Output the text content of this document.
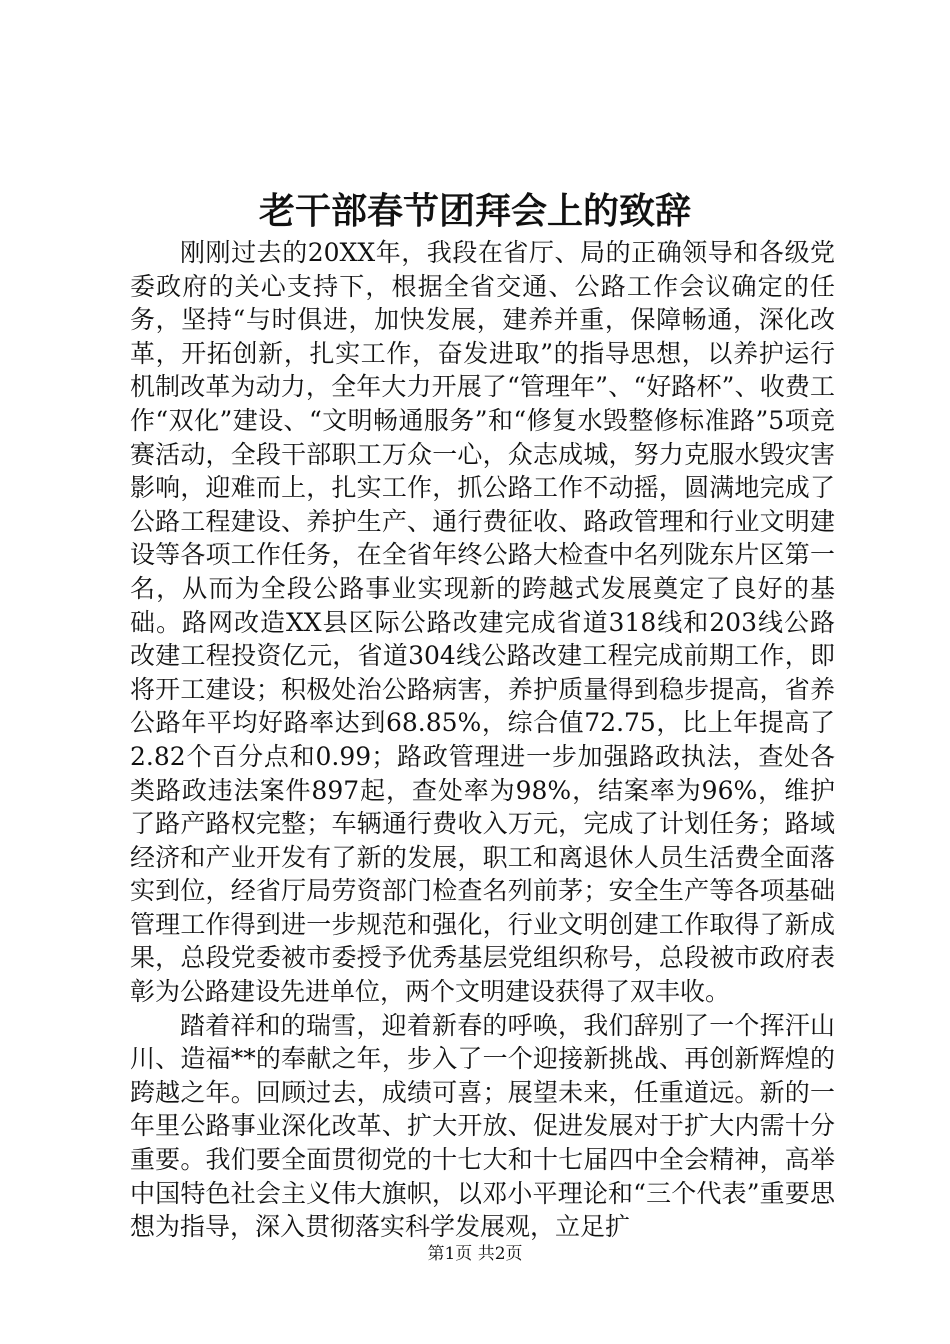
老干部春节团拜会上的致辞

刚刚过去的20XX年，我段在省厅、局的正确领导和各级党委政府的关心支持下，根据全省交通、公路工作会议确定的任务，坚持“与时俱进，加快发展，建养并重，保障畅通，深化改革，开拓创新，扎实工作，奋发进取”的指导思想，以养护运行机制改革为动力，全年大力开展了“管理年”、“好路杯”、收费工作“双化”建设、“文明畅通服务”和“修复水毁整修标准路”5项竞赛活动，全段干部职工万众一心，众志成城，努力克服水毁灾害影响，迎难而上，扎实工作，抓公路工作不动摇，圆满地完成了公路工程建设、养护生产、通行费征收、路政管理和行业文明建设等各项工作任务，在全省年终公路大检查中名列陇东片区第一名，从而为全段公路事业实现新的跨越式发展奠定了良好的基础。路网改造XX县区际公路改建完成省道318线和203线公路改建工程投资亿元，省道304线公路改建工程完成前期工作，即将开工建设；积极处治公路病害，养护质量得到稳步提高，省养公路年平均好路率达到68.85%，综合值72.75，比上年提高了2.82个百分点和0.99；路政管理进一步加强路政执法，查处各类路政违法案件897起，查处率为98%，结案率为96%，维护了路产路权完整；车辆通行费收入万元，完成了计划任务；路域经济和产业开发有了新的发展，职工和离退休人员生活费全面落实到位，经省厅局劳资部门检查名列前茅；安全生产等各项基础管理工作得到进一步规范和强化，行业文明创建工作取得了新成果，总段党委被市委授予优秀基层党组织称号，总段被市政府表彰为公路建设先进单位，两个文明建设获得了双丰收。

踏着祥和的瑞雪，迎着新春的呼唤，我们辞别了一个挥汗山川、造福**的奉献之年，步入了一个迎接新挑战、再创新辉煌的跨越之年。回顾过去，成绩可喜；展望未来，任重道远。新的一年里公路事业深化改革、扩大开放、促进发展对于扩大内需十分重要。我们要全面贯彻党的十七大和十七届四中全会精神，高举中国特色社会主义伟大旗帜，以邓小平理论和“三个代表”重要思想为指导，深入贯彻落实科学发展观，立足扩

第1页 共2页
